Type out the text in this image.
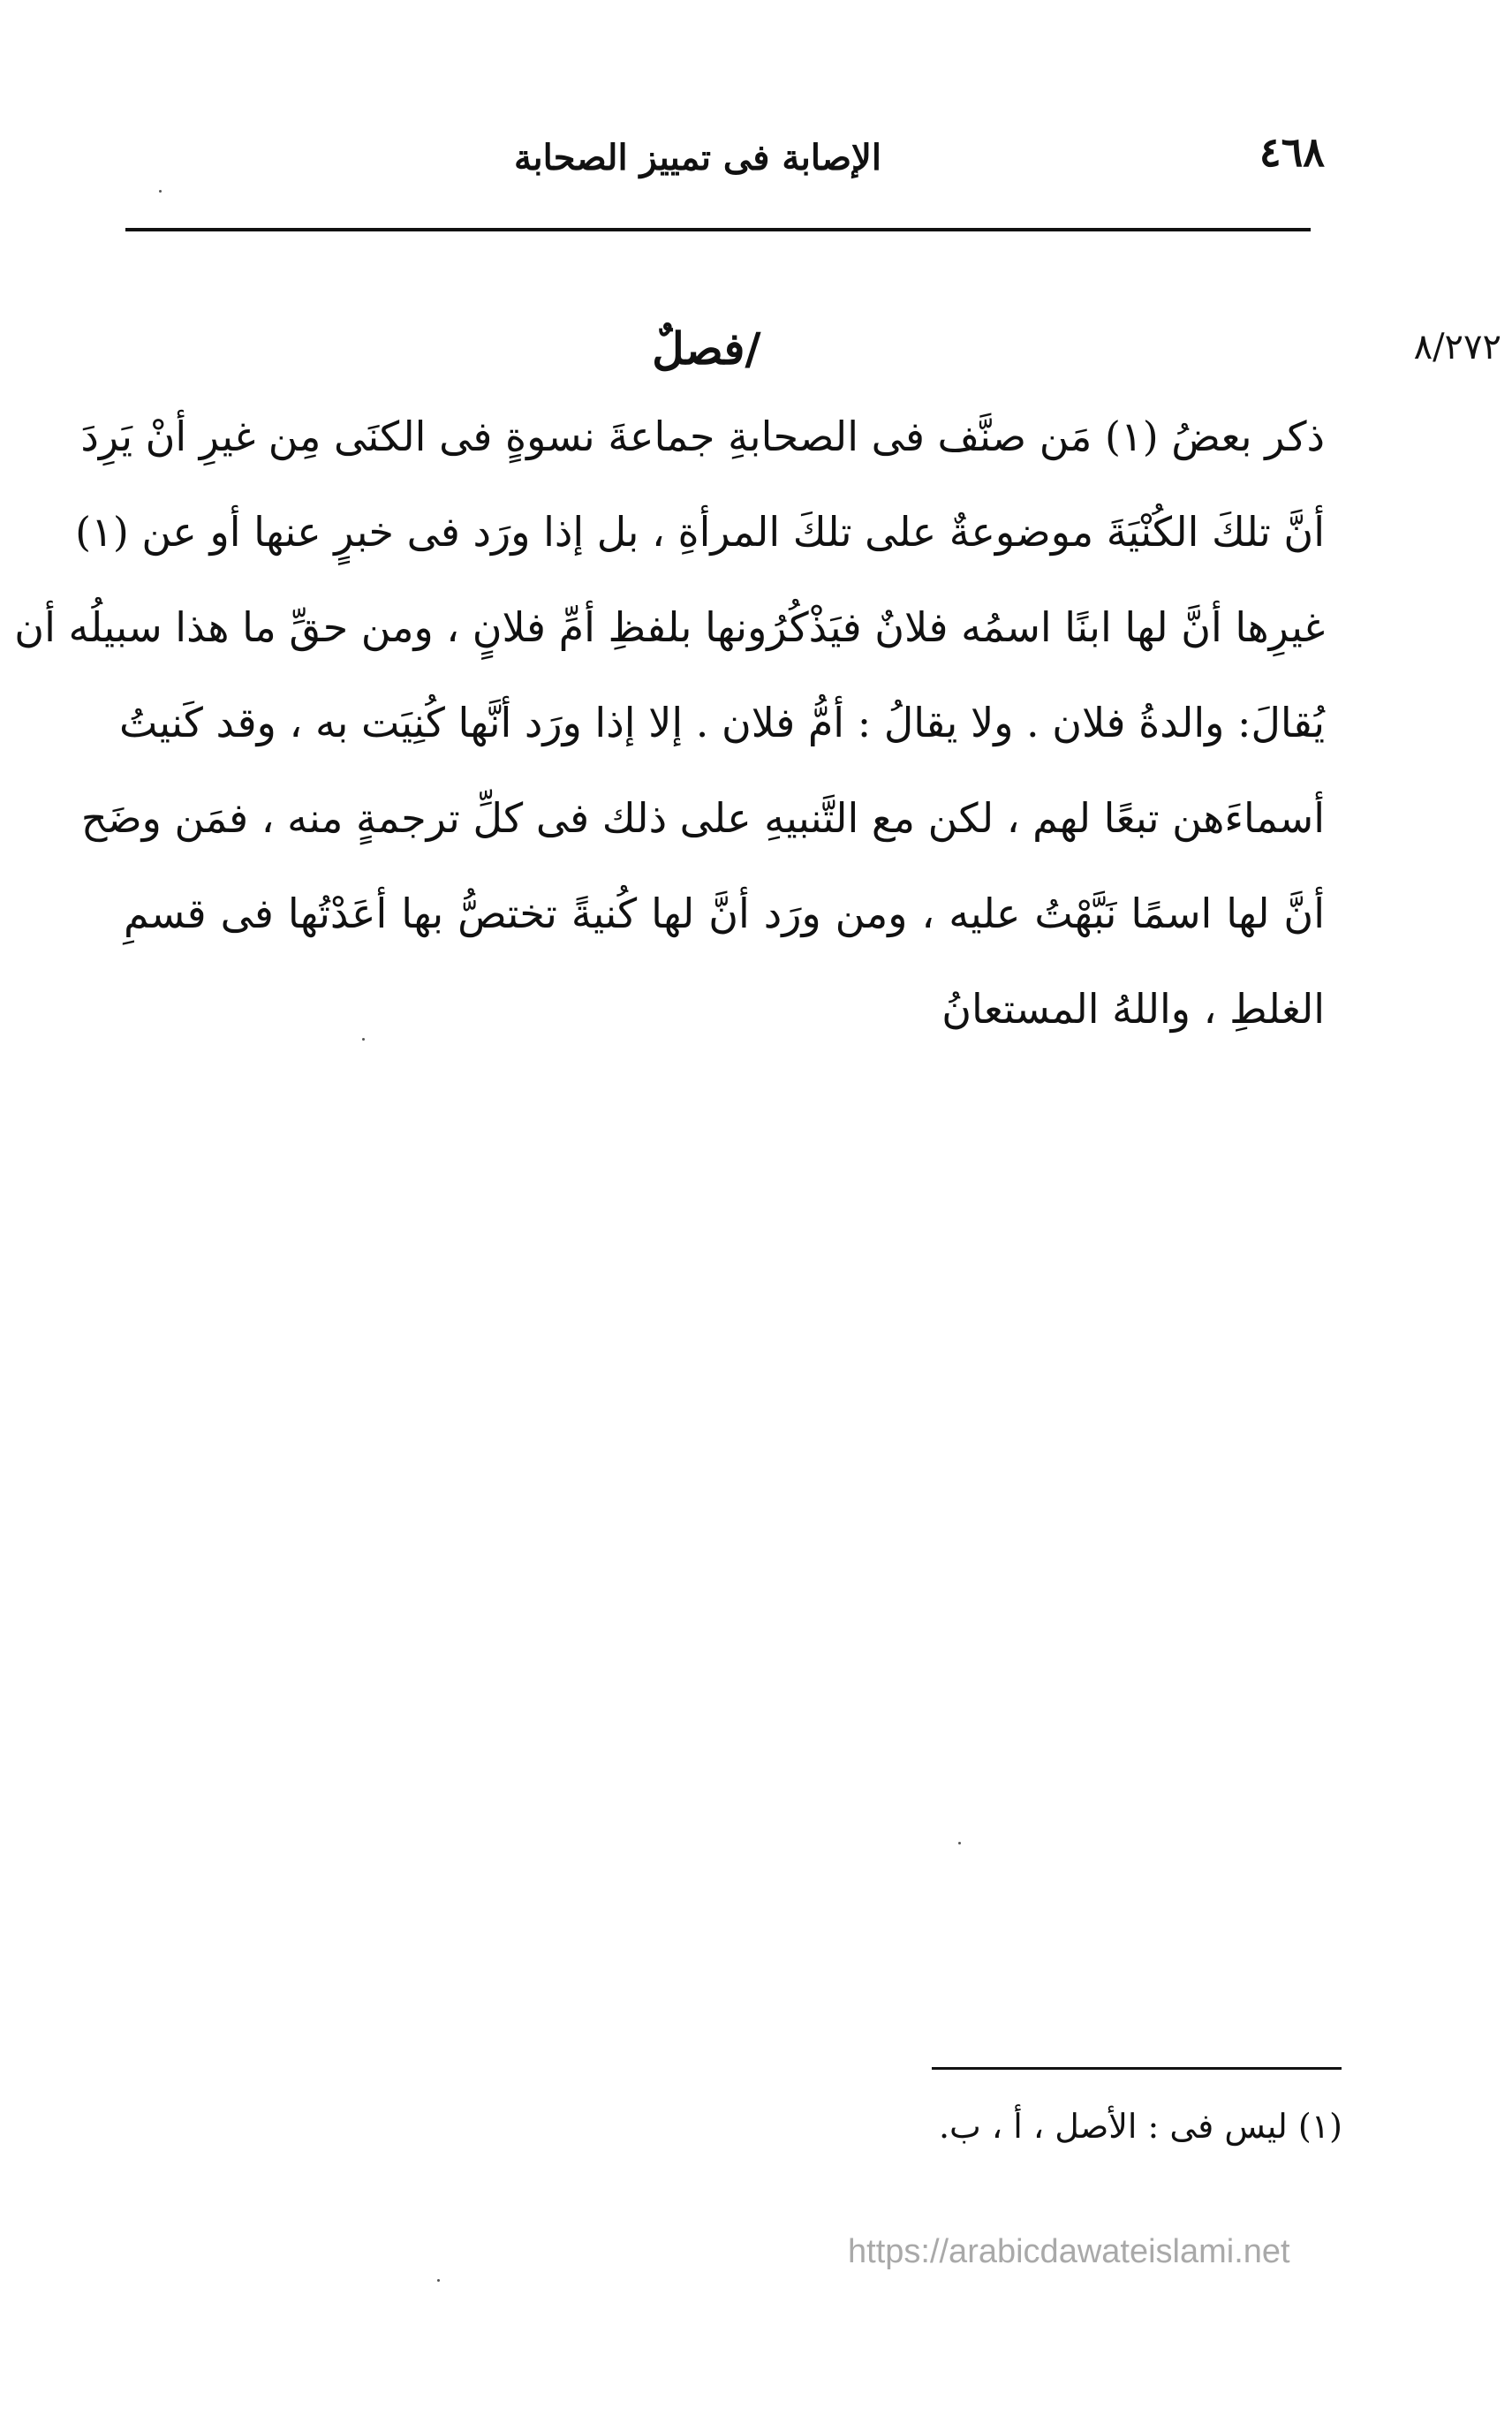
٤٦٨
الإصابة فى تمييز الصحابة
٨/٢٧٢
/فصلٌ
ذكر بعضُ (١) مَن صنَّف فى الصحابةِ جماعةَ نسوةٍ فى الكنَى مِن غيرِ أنْ يَرِدَ
أنَّ تلكَ الكُنْيَةَ موضوعةٌ على تلكَ المرأةِ ، بل إذا ورَد فى خبرٍ عنها أو عن (١)
غيرِها أنَّ لها ابنًا اسمُه فلانٌ فيَذْكُرُونها بلفظِ أمِّ فلانٍ ، ومن حقِّ ما هذا سبيلُه أن
يُقالَ: والدةُ فلان . ولا يقالُ : أمُّ فلان . إلا إذا ورَد أنَّها كُنِيَت به ، وقد كَنيتُ
أسماءَهن تبعًا لهم ، لكن مع التَّنبيهِ على ذلك فى كلِّ ترجمةٍ منه ، فمَن وضَح
أنَّ لها اسمًا نَبَّهْتُ عليه ، ومن ورَد أنَّ لها كُنيةً تختصُّ بها أعَدْتُها فى قسمِ
الغلطِ ، واللهُ المستعانُ
(١) ليس فى : الأصل ، أ ، ب.
https://arabicdawateislami.net
